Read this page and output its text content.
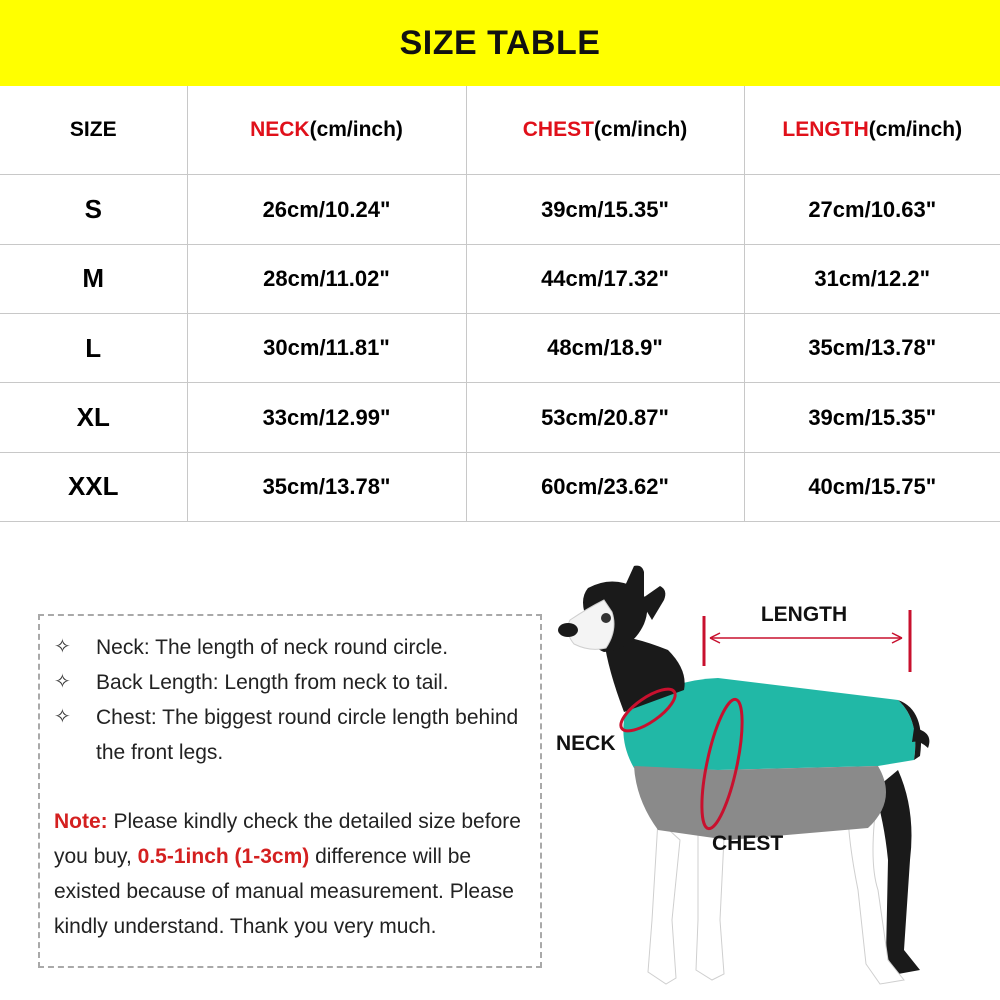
SIZE TABLE
SIZE	NECK(cm/inch)	CHEST(cm/inch)	LENGTH(cm/inch)
S	26cm/10.24"	39cm/15.35"	27cm/10.63"
M	28cm/11.02"	44cm/17.32"	31cm/12.2"
L	30cm/11.81"	48cm/18.9"	35cm/13.78"
XL	33cm/12.99"	53cm/20.87"	39cm/15.35"
XXL	35cm/13.78"	60cm/23.62"	40cm/15.75"
✧	Neck: The length of neck round circle.
✧	Back Length: Length from neck to tail.
✧	Chest: The biggest round circle length behind the front legs.
Note: Please kindly check the detailed size before you buy, 0.5-1inch (1-3cm) difference will be existed because of manual measurement. Please kindly understand. Thank you very much.
LENGTH
NECK
CHEST
